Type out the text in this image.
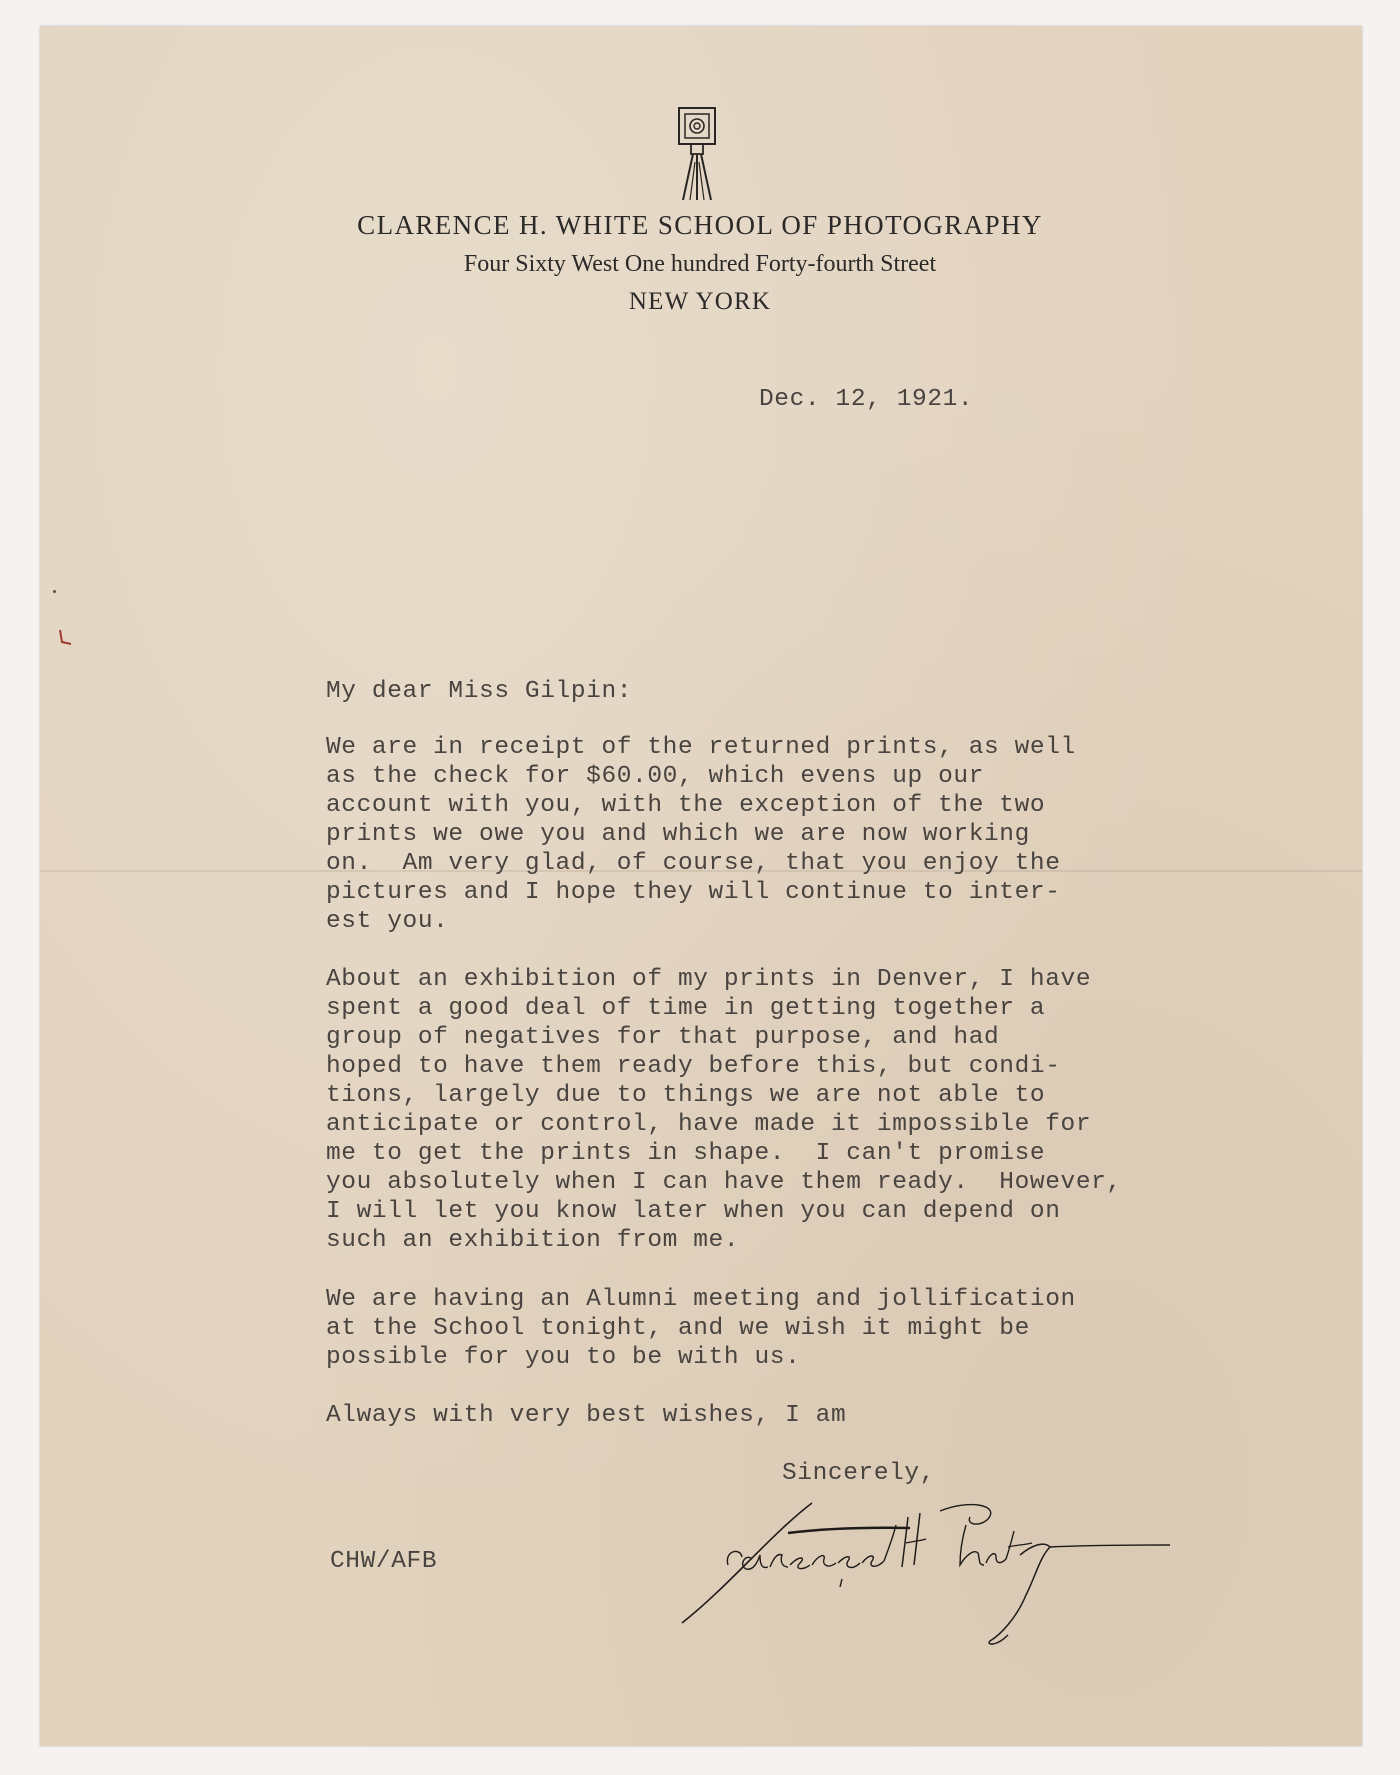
CLARENCE H. WHITE SCHOOL OF PHOTOGRAPHY
Four Sixty West One hundred Forty-fourth Street
NEW YORK
Dec. 12, 1921.
My dear Miss Gilpin:
We are in receipt of the returned prints, as well
as the check for $60.00, which evens up our
account with you, with the exception of the two
prints we owe you and which we are now working
on.  Am very glad, of course, that you enjoy the
pictures and I hope they will continue to inter-
est you.
About an exhibition of my prints in Denver, I have
spent a good deal of time in getting together a
group of negatives for that purpose, and had
hoped to have them ready before this, but condi-
tions, largely due to things we are not able to
anticipate or control, have made it impossible for
me to get the prints in shape.  I can't promise
you absolutely when I can have them ready.  However,
I will let you know later when you can depend on
such an exhibition from me.
We are having an Alumni meeting and jollification
at the School tonight, and we wish it might be
possible for you to be with us.
Always with very best wishes, I am
Sincerely,
CHW/AFB
